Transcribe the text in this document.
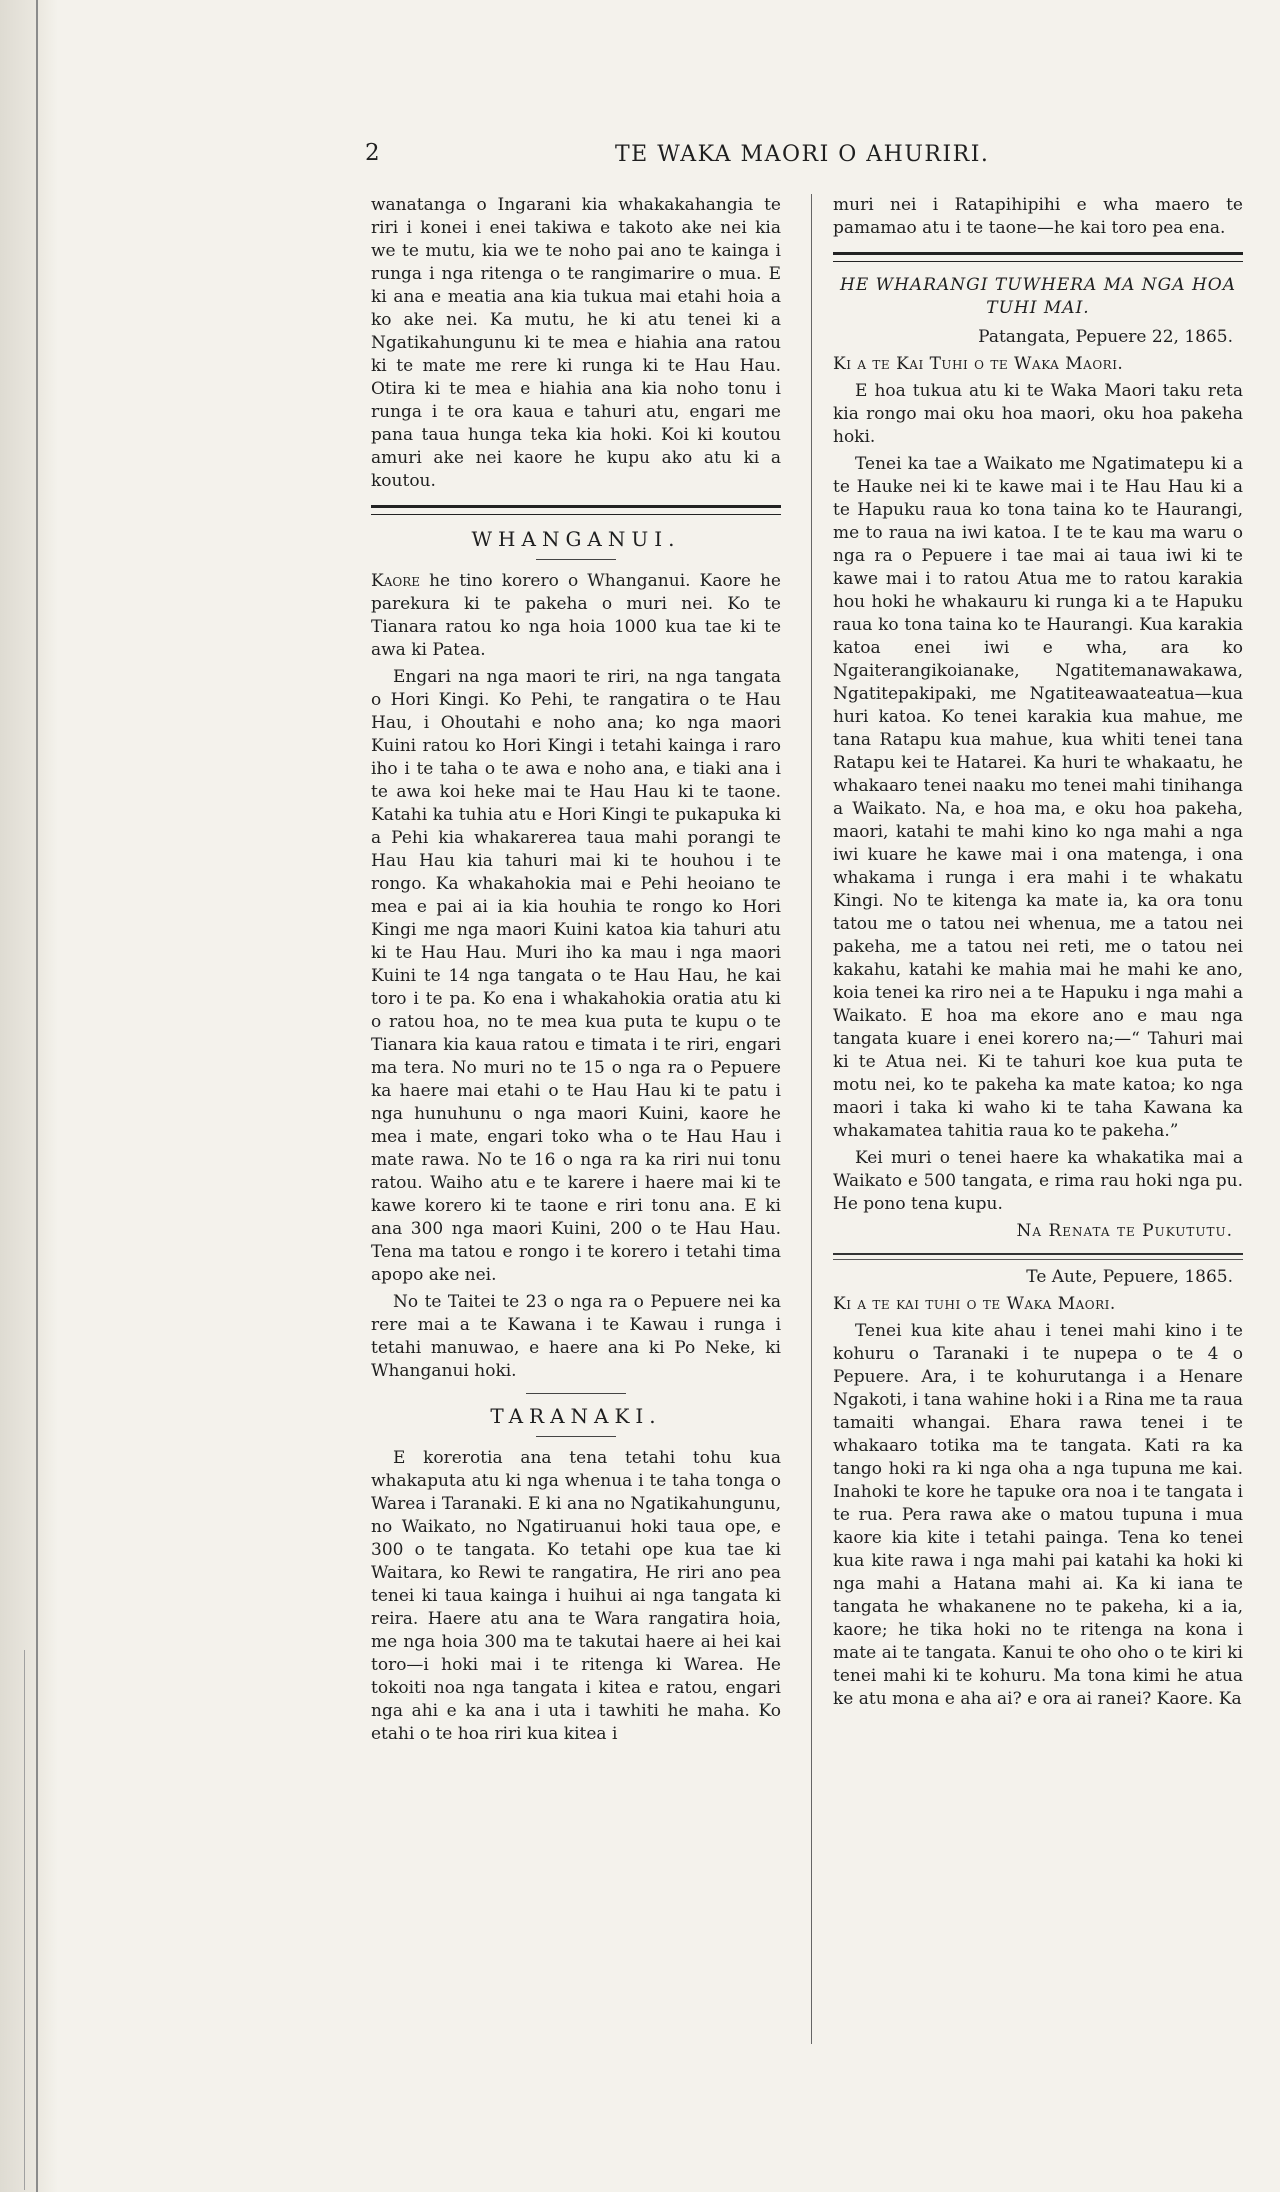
2	TE WAKA MAORI O AHURIRI.

wanatanga o Ingarani kia whakakahangia te riri i konei i enei takiwa e takoto ake nei kia we te mutu, kia we te noho pai ano te kainga i runga i nga ritenga o te rangimarire o mua. E ki ana e meatia ana kia tukua mai etahi hoia a ko ake nei. Ka mutu, he ki atu tenei ki a Ngatikahungunu ki te mea e hiahia ana ratou ki te mate me rere ki runga ki te Hau Hau. Otira ki te mea e hiahia ana kia noho tonu i runga i te ora kaua e tahuri atu, engari me pana taua hunga teka kia hoki. Koi ki koutou amuri ake nei kaore he kupu ako atu ki a koutou.

WHANGANUI.

Kaore he tino korero o Whanganui. Kaore he parekura ki te pakeha o muri nei. Ko te Tianara ratou ko nga hoia 1000 kua tae ki te awa ki Patea.

Engari na nga maori te riri, na nga tangata o Hori Kingi. Ko Pehi, te rangatira o te Hau Hau, i Ohoutahi e noho ana; ko nga maori Kuini ratou ko Hori Kingi i tetahi kainga i raro iho i te taha o te awa e noho ana, e tiaki ana i te awa koi heke mai te Hau Hau ki te taone. Katahi ka tuhia atu e Hori Kingi te pukapuka ki a Pehi kia whakarerea taua mahi porangi te Hau Hau kia tahuri mai ki te houhou i te rongo. Ka whakahokia mai e Pehi heoiano te mea e pai ai ia kia houhia te rongo ko Hori Kingi me nga maori Kuini katoa kia tahuri atu ki te Hau Hau. Muri iho ka mau i nga maori Kuini te 14 nga tangata o te Hau Hau, he kai toro i te pa. Ko ena i whakahokia oratia atu ki o ratou hoa, no te mea kua puta te kupu o te Tianara kia kaua ratou e timata i te riri, engari ma tera. No muri no te 15 o nga ra o Pepuere ka haere mai etahi o te Hau Hau ki te patu i nga hunuhunu o nga maori Kuini, kaore he mea i mate, engari toko wha o te Hau Hau i mate rawa. No te 16 o nga ra ka riri nui tonu ratou. Waiho atu e te karere i haere mai ki te kawe korero ki te taone e riri tonu ana. E ki ana 300 nga maori Kuini, 200 o te Hau Hau. Tena ma tatou e rongo i te korero i tetahi tima apopo ake nei.

No te Taitei te 23 o nga ra o Pepuere nei ka rere mai a te Kawana i te Kawau i runga i tetahi manuwao, e haere ana ki Po Neke, ki Whanganui hoki.

TARANAKI.

E korerotia ana tena tetahi tohu kua whakaputa atu ki nga whenua i te taha tonga o Warea i Taranaki. E ki ana no Ngatikahungunu, no Waikato, no Ngatiruanui hoki taua ope, e 300 o te tangata. Ko tetahi ope kua tae ki Waitara, ko Rewi te rangatira, He riri ano pea tenei ki taua kainga i huihui ai nga tangata ki reira. Haere atu ana te Wara rangatira hoia, me nga hoia 300 ma te takutai haere ai hei kai toro—i hoki mai i te ritenga ki Warea. He tokoiti noa nga tangata i kitea e ratou, engari nga ahi e ka ana i uta i tawhiti he maha. Ko etahi o te hoa riri kua kitea i

muri nei i Ratapihipihi e wha maero te pamamao atu i te taone—he kai toro pea ena.

HE WHARANGI TUWHERA MA NGA HOA TUHI MAI.
Patangata, Pepuere 22, 1865.
Ki a te Kai Tuhi o te Waka Maori.

E hoa tukua atu ki te Waka Maori taku reta kia rongo mai oku hoa maori, oku hoa pakeha hoki.

Tenei ka tae a Waikato me Ngatimatepu ki a te Hauke nei ki te kawe mai i te Hau Hau ki a te Hapuku raua ko tona taina ko te Haurangi, me to raua na iwi katoa. I te te kau ma waru o nga ra o Pepuere i tae mai ai taua iwi ki te kawe mai i to ratou Atua me to ratou karakia hou hoki he whakauru ki runga ki a te Hapuku raua ko tona taina ko te Haurangi. Kua karakia katoa enei iwi e wha, ara ko Ngaiterangikoianake, Ngatitemanawakawa, Ngatitepakipaki, me Ngatiteawaateatua—kua huri katoa. Ko tenei karakia kua mahue, me tana Ratapu kua mahue, kua whiti tenei tana Ratapu kei te Hatarei. Ka huri te whakaatu, he whakaaro tenei naaku mo tenei mahi tinihanga a Waikato. Na, e hoa ma, e oku hoa pakeha, maori, katahi te mahi kino ko nga mahi a nga iwi kuare he kawe mai i ona matenga, i ona whakama i runga i era mahi i te whakatu Kingi. No te kitenga ka mate ia, ka ora tonu tatou me o tatou nei whenua, me a tatou nei pakeha, me a tatou nei reti, me o tatou nei kakahu, katahi ke mahia mai he mahi ke ano, koia tenei ka riro nei a te Hapuku i nga mahi a Waikato. E hoa ma ekore ano e mau nga tangata kuare i enei korero na;—“ Tahuri mai ki te Atua nei. Ki te tahuri koe kua puta te motu nei, ko te pakeha ka mate katoa; ko nga maori i taka ki waho ki te taha Kawana ka whakamatea tahitia raua ko te pakeha.”

Kei muri o tenei haere ka whakatika mai a Waikato e 500 tangata, e rima rau hoki nga pu. He pono tena kupu.

Na Renata te Pukututu.
Te Aute, Pepuere, 1865.
Ki a te kai tuhi o te Waka Maori.

Tenei kua kite ahau i tenei mahi kino i te kohuru o Taranaki i te nupepa o te 4 o Pepuere. Ara, i te kohurutanga i a Henare Ngakoti, i tana wahine hoki i a Rina me ta raua tamaiti whangai. Ehara rawa tenei i te whakaaro totika ma te tangata. Kati ra ka tango hoki ra ki nga oha a nga tupuna me kai. Inahoki te kore he tapuke ora noa i te tangata i te rua. Pera rawa ake o matou tupuna i mua kaore kia kite i tetahi painga. Tena ko tenei kua kite rawa i nga mahi pai katahi ka hoki ki nga mahi a Hatana mahi ai. Ka ki iana te tangata he whakanene no te pakeha, ki a ia, kaore; he tika hoki no te ritenga na kona i mate ai te tangata. Kanui te oho oho o te kiri ki tenei mahi ki te kohuru. Ma tona kimi he atua ke atu mona e aha ai? e ora ai ranei? Kaore. Ka
